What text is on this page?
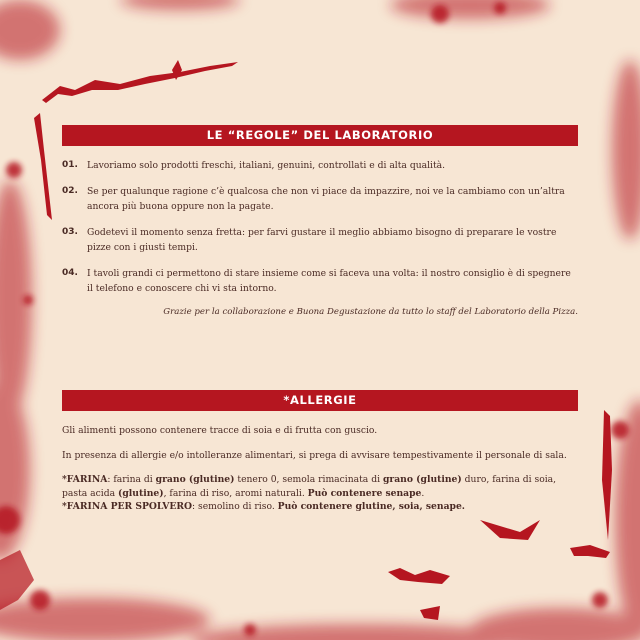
LE “REGOLE” DEL LABORATORIO
01. Lavoriamo solo prodotti freschi, italiani, genuini, controllati e di alta qualità.
02. Se per qualunque ragione c’è qualcosa che non vi piace da impazzire, noi ve la cambiamo con un’altra ancora più buona oppure non la pagate.
03. Godetevi il momento senza fretta: per farvi gustare il meglio abbiamo bisogno di preparare le vostre pizze con i giusti tempi.
04. I tavoli grandi ci permettono di stare insieme come si faceva una volta: il nostro consiglio è di spegnere il telefono e conoscere chi vi sta intorno.
Grazie per la collaborazione e Buona Degustazione da tutto lo staff del Laboratorio della Pizza.
*ALLERGIE

Gli alimenti possono contenere tracce di soia e di frutta con guscio.

In presenza di allergie e/o intolleranze alimentari, si prega di avvisare tempestivamente il personale di sala.

*FARINA: farina di grano (glutine) tenero 0, semola rimacinata di grano (glutine) duro, farina di soia, pasta acida (glutine), farina di riso, aromi naturali. Può contenere senape.
*FARINA PER SPOLVERO: semolino di riso. Può contenere glutine, soia, senape.
